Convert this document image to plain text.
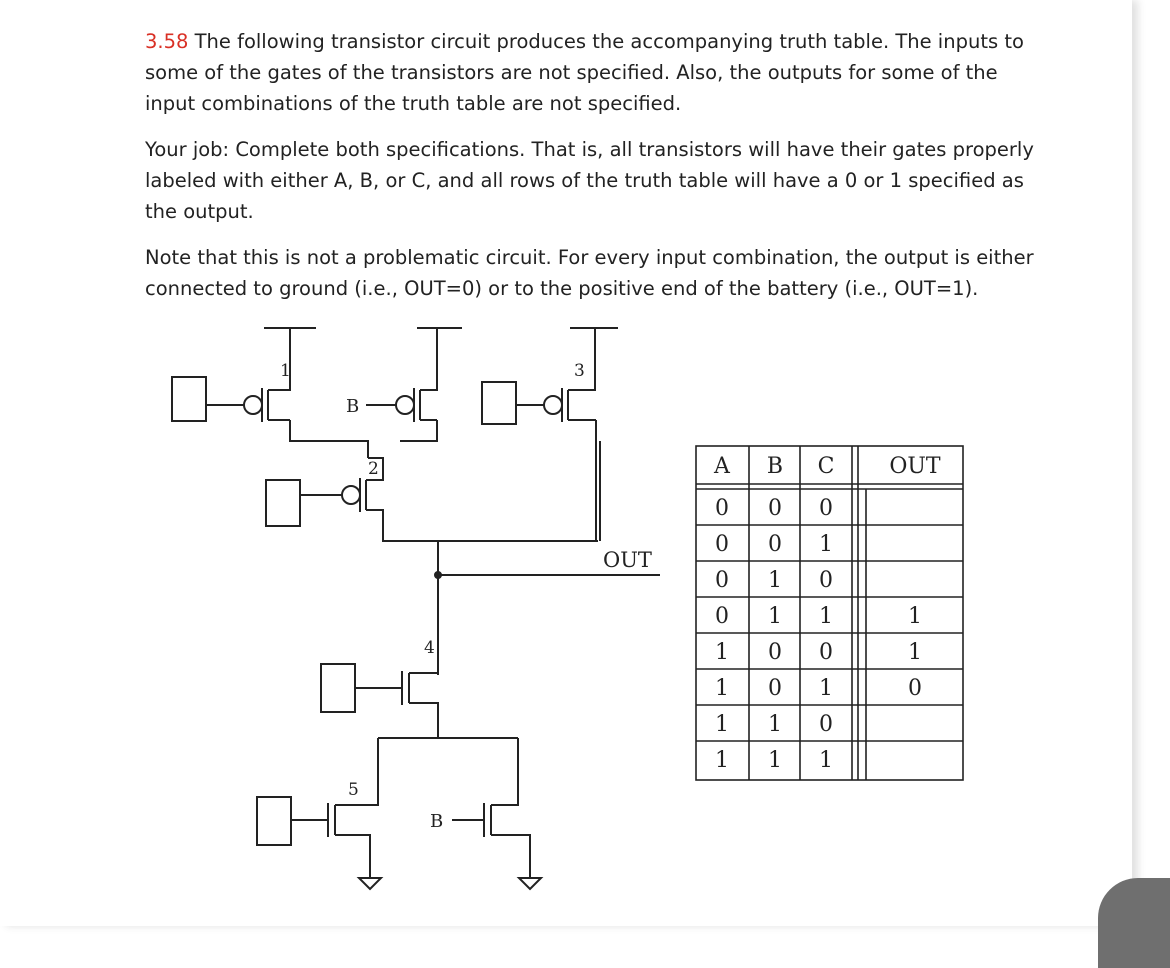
3.58 The following transistor circuit produces the accompanying truth table. The inputs to some of the gates of the transistors are not specified. Also, the outputs for some of the input combinations of the truth table are not specified.

Your job: Complete both specifications. That is, all transistors will have their gates properly labeled with either A, B, or C, and all rows of the truth table will have a 0 or 1 specified as the output.

Note that this is not a problematic circuit. For every input combination, the output is either connected to ground (i.e., OUT=0) or to the positive end of the battery (i.e., OUT=1).

1
2
B
3
OUT
4
5
B
A B C OUT
0 0 0
0 0 1
0 1 0
0 1 1	1
1 0 0	1
1 0 1	0
1 1 0
1 1 1
